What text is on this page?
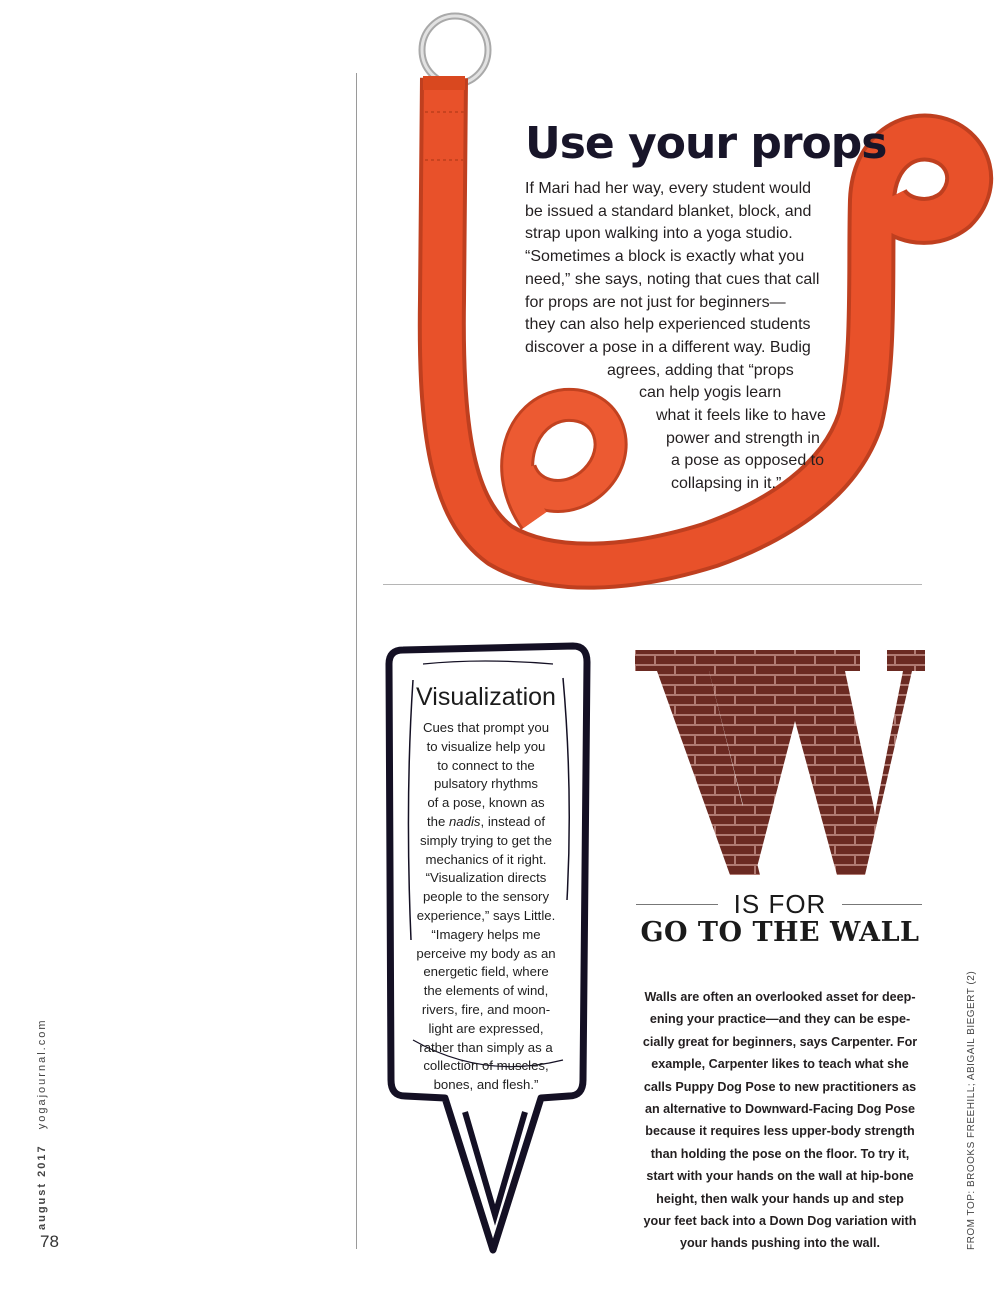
Use your props
If Mari had her way, every student would
be issued a standard blanket, block, and
strap upon walking into a yoga studio.
“Sometimes a block is exactly what you
need,” she says, noting that cues that call
for props are not just for beginners—
they can also help experienced students
discover a pose in a different way. Budig
agrees, adding that “props
can help yogis learn
what it feels like to have
power and strength in
a pose as opposed to
collapsing in it.”
Visualization
Cues that prompt you
to visualize help you
to connect to the
pulsatory rhythms
of a pose, known as
the nadis, instead of
simply trying to get the
mechanics of it right.
“Visualization directs
people to the sensory
experience,” says Little.
“Imagery helps me
perceive my body as an
energetic field, where
the elements of wind,
rivers, fire, and moon-
light are expressed,
rather than simply as a
collection of muscles,
bones, and flesh.”
W
IS FOR
GO TO THE WALL
Walls are often an overlooked asset for deep-
ening your practice—and they can be espe-
cially great for beginners, says Carpenter. For
example, Carpenter likes to teach what she
calls Puppy Dog Pose to new practitioners as
an alternative to Downward-Facing Dog Pose
because it requires less upper-body strength
than holding the pose on the floor. To try it,
start with your hands on the wall at hip-bone
height, then walk your hands up and step
your feet back into a Down Dog variation with
your hands pushing into the wall.
august 2017   yogajournal.com
78	FROM TOP: BROOKS FREEHILL; ABIGAIL BIEGERT (2)
